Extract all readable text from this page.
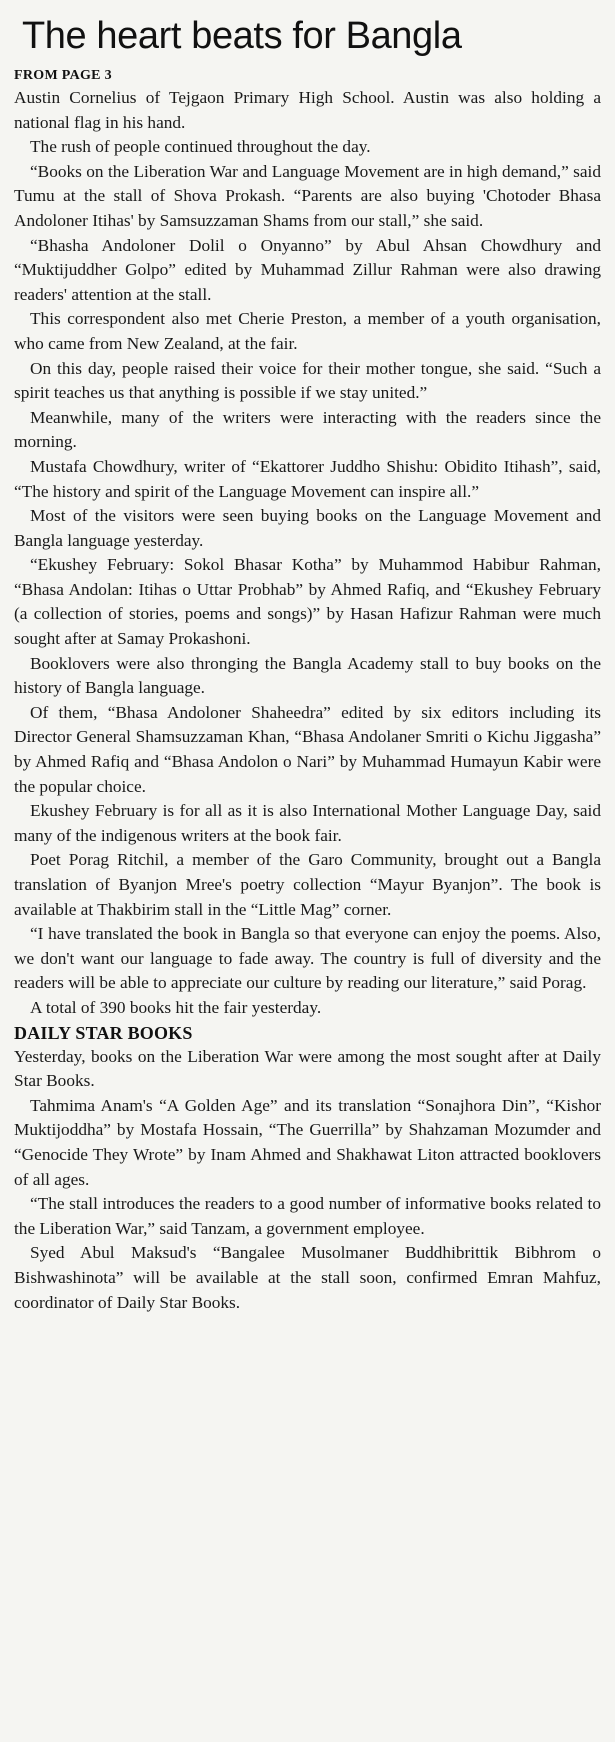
The heart beats for Bangla
FROM PAGE 3

Austin Cornelius of Tejgaon Primary High School. Austin was also holding a national flag in his hand.

The rush of people continued throughout the day.

“Books on the Liberation War and Language Movement are in high demand,” said Tumu at the stall of Shova Prokash. “Parents are also buying 'Chotoder Bhasa Andoloner Itihas' by Samsuzzaman Shams from our stall,” she said.

“Bhasha Andoloner Dolil o Onyanno” by Abul Ahsan Chowdhury and “Muktijuddher Golpo” edited by Muhammad Zillur Rahman were also drawing readers' attention at the stall.

This correspondent also met Cherie Preston, a member of a youth organisation, who came from New Zealand, at the fair.

On this day, people raised their voice for their mother tongue, she said. “Such a spirit teaches us that anything is possible if we stay united.”

Meanwhile, many of the writers were interacting with the readers since the morning.

Mustafa Chowdhury, writer of “Ekattorer Juddho Shishu: Obidito Itihash”, said, “The history and spirit of the Language Movement can inspire all.”

Most of the visitors were seen buying books on the Language Movement and Bangla language yesterday.

“Ekushey February: Sokol Bhasar Kotha” by Muhammod Habibur Rahman, “Bhasa Andolan: Itihas o Uttar Probhab” by Ahmed Rafiq, and “Ekushey February (a collection of stories, poems and songs)” by Hasan Hafizur Rahman were much sought after at Samay Prokashoni.

Booklovers were also thronging the Bangla Academy stall to buy books on the history of Bangla language.

Of them, “Bhasa Andoloner Shaheedra” edited by six editors including its Director General Shamsuzzaman Khan, “Bhasa Andolaner Smriti o Kichu Jiggasha” by Ahmed Rafiq and “Bhasa Andolon o Nari” by Muhammad Humayun Kabir were the popular choice.

Ekushey February is for all as it is also International Mother Language Day, said many of the indigenous writers at the book fair.

Poet Porag Ritchil, a member of the Garo Community, brought out a Bangla translation of Byanjon Mree's poetry collection “Mayur Byanjon”. The book is available at Thakbirim stall in the “Little Mag” corner.

“I have translated the book in Bangla so that everyone can enjoy the poems. Also, we don't want our language to fade away. The country is full of diversity and the readers will be able to appreciate our culture by reading our literature,” said Porag.

A total of 390 books hit the fair yesterday.

DAILY STAR BOOKS

Yesterday, books on the Liberation War were among the most sought after at Daily Star Books.

Tahmima Anam's “A Golden Age” and its translation “Sonajhora Din”, “Kishor Muktijoddha” by Mostafa Hossain, “The Guerrilla” by Shahzaman Mozumder and “Genocide They Wrote” by Inam Ahmed and Shakhawat Liton attracted booklovers of all ages.

“The stall introduces the readers to a good number of informative books related to the Liberation War,” said Tanzam, a government employee.

Syed Abul Maksud's “Bangalee Musolmaner Buddhibrittik Bibhrom o Bishwashinota” will be available at the stall soon, confirmed Emran Mahfuz, coordinator of Daily Star Books.
